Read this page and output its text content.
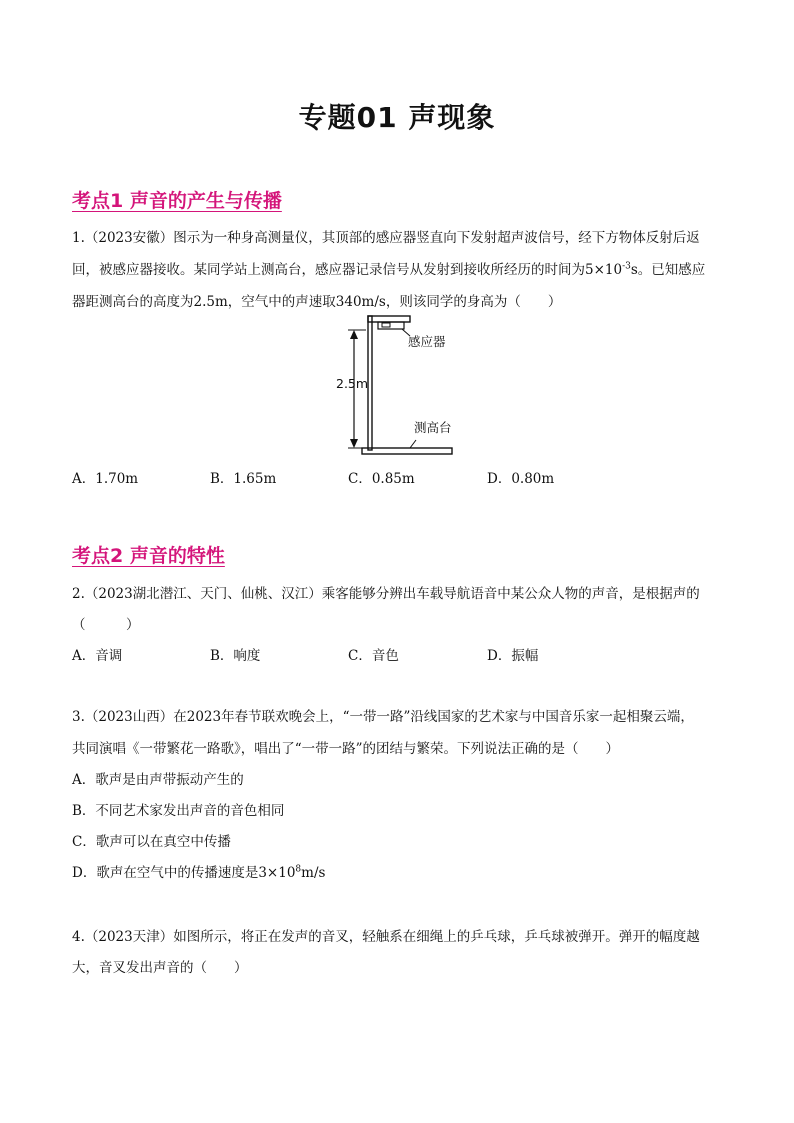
专题01 声现象
考点1 声音的产生与传播
1.（2023安徽）图示为一种身高测量仪，其顶部的感应器竖直向下发射超声波信号，经下方物体反射后返
回，被感应器接收。某同学站上测高台，感应器记录信号从发射到接收所经历的时间为$5\times 10^{-3}s$。已知感应
器距测高台的高度为2.5m，空气中的声速取340m/s，则该同学的身高为（　　）
感应器
2.5m
测高台
A．1.70m	B．1.65m	C．0.85m	D．0.80m
考点2 声音的特性
2.（2023湖北潜江、天门、仙桃、汉江）乘客能够分辨出车载导航语音中某公众人物的声音，是根据声的
（　　　）
A．音调	B．响度	C．音色	D．振幅
3.（2023山西）在2023年春节联欢晚会上，“一带一路”沿线国家的艺术家与中国音乐家一起相聚云端，
共同演唱《一带繁花一路歌》，唱出了“一带一路”的团结与繁荣。下列说法正确的是（　　）
A．歌声是由声带振动产生的
B．不同艺术家发出声音的音色相同
C．歌声可以在真空中传播
D．歌声在空气中的传播速度是$3\times 10^8m/s$
4.（2023天津）如图所示，将正在发声的音叉，轻触系在细绳上的乒乓球，乒乓球被弹开。弹开的幅度越
大，音叉发出声音的（　　）
